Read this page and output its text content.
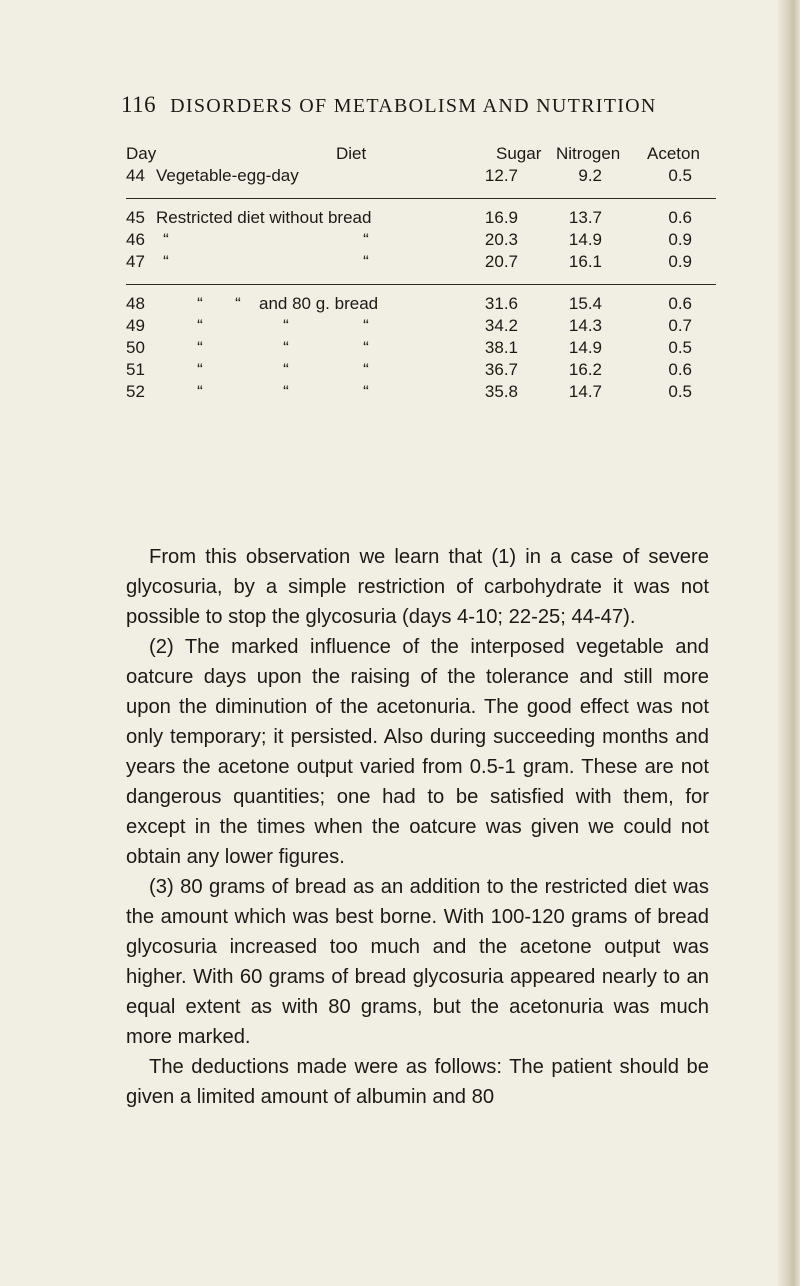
116 DISORDERS OF METABOLISM AND NUTRITION
Day	Diet	Sugar Nitrogen Aceton
44 Vegetable-egg-day	12.7	9.2	0.5
45 Restricted diet without bread	16.9	13.7	0.6
46	“	“	20.3	14.9	0.9
47	“	“	20.7	16.1	0.9
48	“	“	and 80 g. bread	31.6	15.4	0.6
49	“	“	“	34.2	14.3	0.7
50	“	“	“	38.1	14.9	0.5
51	“	“	“	36.7	16.2	0.6
52	“	“	“	35.8	14.7	0.5

From this observation we learn that (1) in a case of severe glycosuria, by a simple restriction of carbohydrate it was not possible to stop the glycosuria (days 4-10; 22-25; 44-47).

(2) The marked influence of the interposed vegetable and oatcure days upon the raising of the tolerance and still more upon the diminution of the acetonuria. The good effect was not only temporary; it persisted. Also during succeeding months and years the acetone output varied from 0.5-1 gram. These are not dangerous quantities; one had to be satisfied with them, for except in the times when the oatcure was given we could not obtain any lower figures.

(3) 80 grams of bread as an addition to the restricted diet was the amount which was best borne. With 100-120 grams of bread glycosuria increased too much and the acetone output was higher. With 60 grams of bread glycosuria appeared nearly to an equal extent as with 80 grams, but the acetonuria was much more marked.

The deductions made were as follows: The patient should be given a limited amount of albumin and 80
